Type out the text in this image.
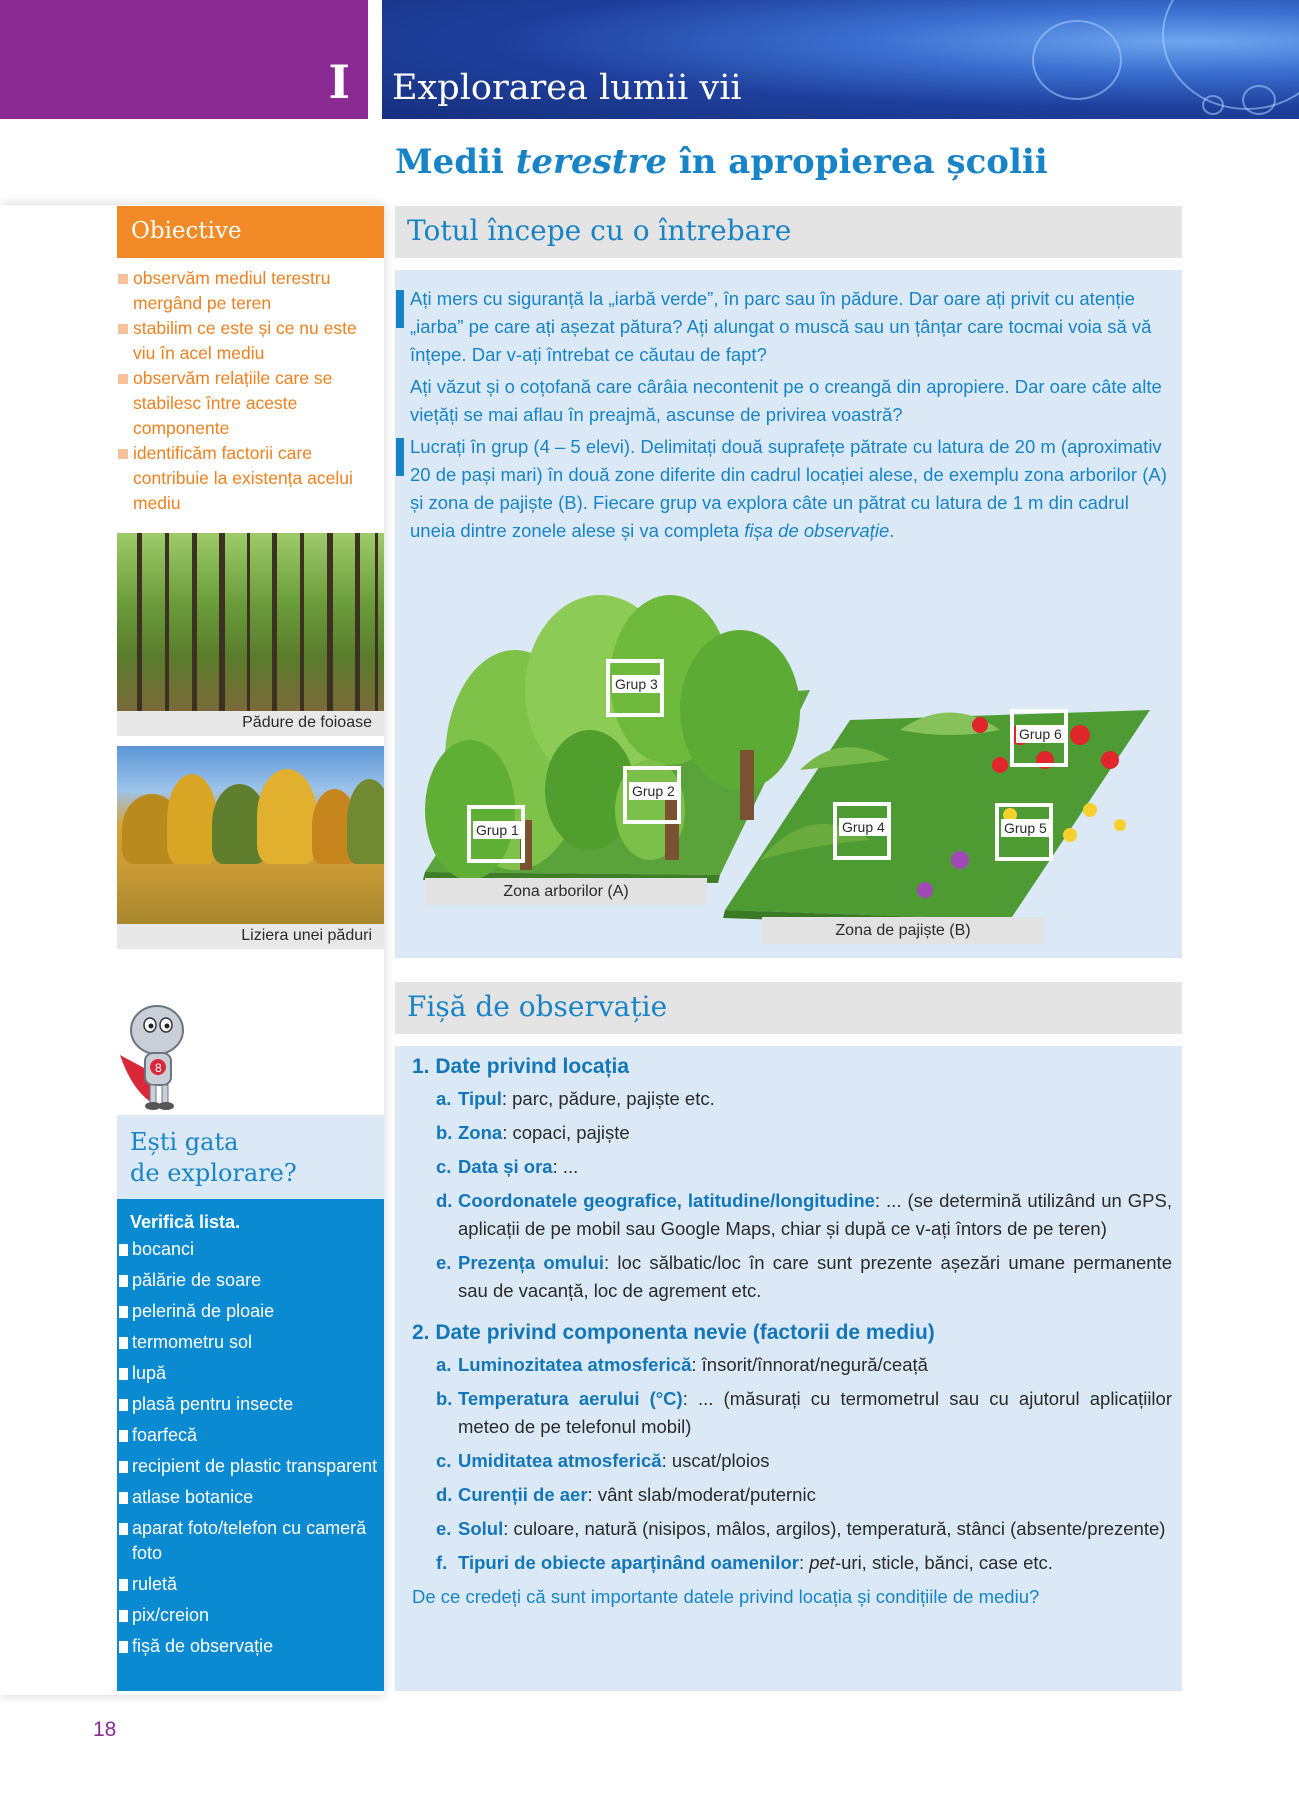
I Explorarea lumii vii
Medii terestre în apropierea școlii
Obiective
observăm mediul terestru mergând pe teren
stabilim ce este și ce nu este viu în acel mediu
observăm relațiile care se stabilesc între aceste componente
identificăm factorii care contribuie la existența acelui mediu
Pădure de foioase
Liziera unei păduri
8
Ești gata
de explorare?
Verifică lista.
bocanci
pălărie de soare
pelerină de ploaie
termometru sol
lupă
plasă pentru insecte
foarfecă
recipient de plastic transparent
atlase botanice
aparat foto/telefon cu cameră foto
ruletă
pix/creion
fișă de observație
18
Totul începe cu o întrebare

Ați mers cu siguranță la „iarbă verde”, în parc sau în pădure. Dar oare ați privit cu atenție „iarba” pe care ați așezat pătura? Ați alungat o muscă sau un țânțar care tocmai voia să vă înțepe. Dar v-ați întrebat ce căutau de fapt?

Ați văzut și o coțofană care cârâia necontenit pe o creangă din apropiere. Dar oare câte alte viețăți se mai aflau în preajmă, ascunse de privirea voastră?

Lucrați în grup (4 – 5 elevi). Delimitați două suprafețe pătrate cu latura de 20 m (aproximativ 20 de pași mari) în două zone diferite din cadrul locației alese, de exemplu zona arborilor (A) și zona de pajiște (B). Fiecare grup va explora câte un pătrat cu latura de 1 m din cadrul uneia dintre zonele alese și va completa fișa de observație.

Grup 3
Grup 2
Grup 1	Grup 4	Grup 5
Grup 6
Zona arborilor (A)
Zona de pajiște (B)
Fișă de observație
1. Date privind locația
a. Tipul: parc, pădure, pajiște etc.
b. Zona: copaci, pajiște
c. Data și ora: ...
d. Coordonatele geografice, latitudine/longitudine: ... (se determină utilizând un GPS, aplicații de pe mobil sau Google Maps, chiar și după ce v-ați întors de pe teren)
e. Prezența omului: loc sălbatic/loc în care sunt prezente așezări umane permanente sau de vacanță, loc de agrement etc.
2. Date privind componenta nevie (factorii de mediu)
a. Luminozitatea atmosferică: însorit/înnorat/negură/ceață
b. Temperatura aerului (°C): ... (măsurați cu termometrul sau cu ajutorul aplicațiilor meteo de pe telefonul mobil)
c. Umiditatea atmosferică: uscat/ploios
d. Curenții de aer: vânt slab/moderat/puternic
e. Solul: culoare, natură (nisipos, mâlos, argilos), temperatură, stânci (absente/prezente)
f. Tipuri de obiecte aparținând oamenilor: pet-uri, sticle, bănci, case etc.
De ce credeți că sunt importante datele privind locația și condițiile de mediu?
